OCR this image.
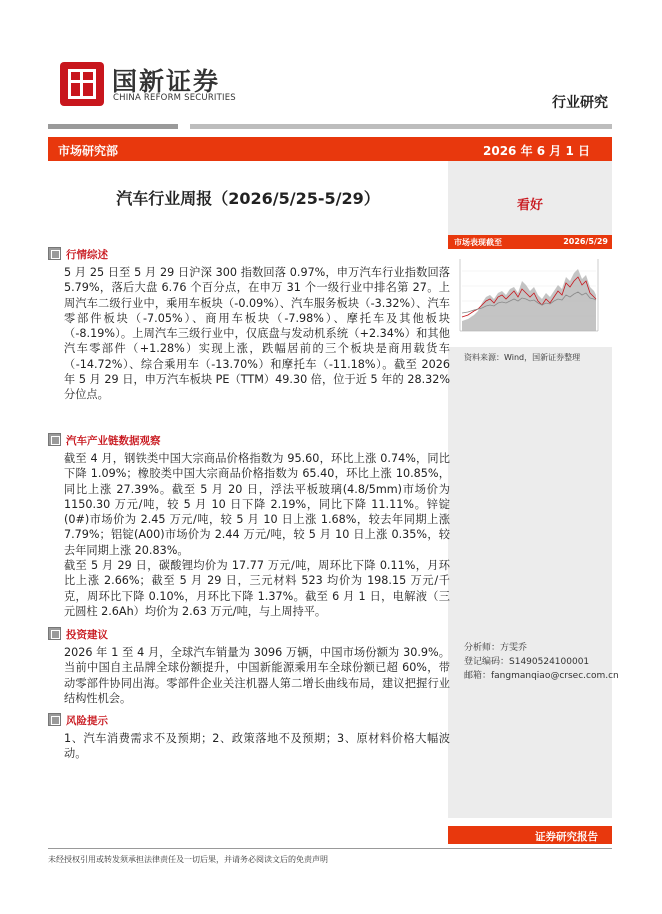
国新证券
CHINA REFORM SECURITIES	行业研究
市场研究部	2026 年 6 月 1 日
汽车行业周报（2026/5/25-5/29）	看好
市场表现截至	2026/5/29
资料来源：Wind，国新证券整理
行情综述
5 月 25 日至 5 月 29 日沪深 300 指数回落 0.97%，申万汽车行业指数回落 5.79%，落后大盘 6.76 个百分点，在申万 31 个一级行业中排名第 27。上周汽车二级行业中，乘用车板块（-0.09%）、汽车服务板块（-3.32%）、汽车零部件板块（-7.05%）、商用车板块（-7.98%）、摩托车及其他板块（-8.19%）。上周汽车三级行业中，仅底盘与发动机系统（+2.34%）和其他汽车零部件（+1.28%）实现上涨，跌幅居前的三个板块是商用载货车（-14.72%）、综合乘用车（-13.70%）和摩托车（-11.18%）。截至 2026 年 5 月 29 日，申万汽车板块 PE（TTM）49.30 倍，位于近 5 年的 28.32%分位点。
汽车产业链数据观察
截至 4 月，钢铁类中国大宗商品价格指数为 95.60，环比上涨 0.74%，同比下降 1.09%；橡胶类中国大宗商品价格指数为 65.40，环比上涨 10.85%，同比上涨 27.39%。截至 5 月 20 日，浮法平板玻璃(4.8/5mm)市场价为 1150.30 万元/吨，较 5 月 10 日下降 2.19%，同比下降 11.11%。锌锭(0#)市场价为 2.45 万元/吨，较 5 月 10 日上涨 1.68%，较去年同期上涨 7.79%；铝锭(A00)市场价为 2.44 万元/吨，较 5 月 10 日上涨 0.35%，较去年同期上涨 20.83%。
截至 5 月 29 日，碳酸锂均价为 17.77 万元/吨，周环比下降 0.11%，月环比上涨 2.66%；截至 5 月 29 日，三元材料 523 均价为 198.15 万元/千克，周环比下降 0.10%，月环比下降 1.37%。截至 6 月 1 日，电解液（三元圆柱 2.6Ah）均价为 2.63 万元/吨，与上周持平。
投资建议
2026 年 1 至 4 月，全球汽车销量为 3096 万辆，中国市场份额为 30.9%。当前中国自主品牌全球份额提升，中国新能源乘用车全球份额已超 60%，带动零部件协同出海。零部件企业关注机器人第二增长曲线布局，建议把握行业结构性机会。
风险提示
1、汽车消费需求不及预期；2、政策落地不及预期；3、原材料价格大幅波动。
分析师：方雯乔
登记编码：S1490524100001
邮箱：fangmanqiao@crsec.com.cn
证券研究报告
未经授权引用或转发须承担法律责任及一切后果，并请务必阅读文后的免责声明
